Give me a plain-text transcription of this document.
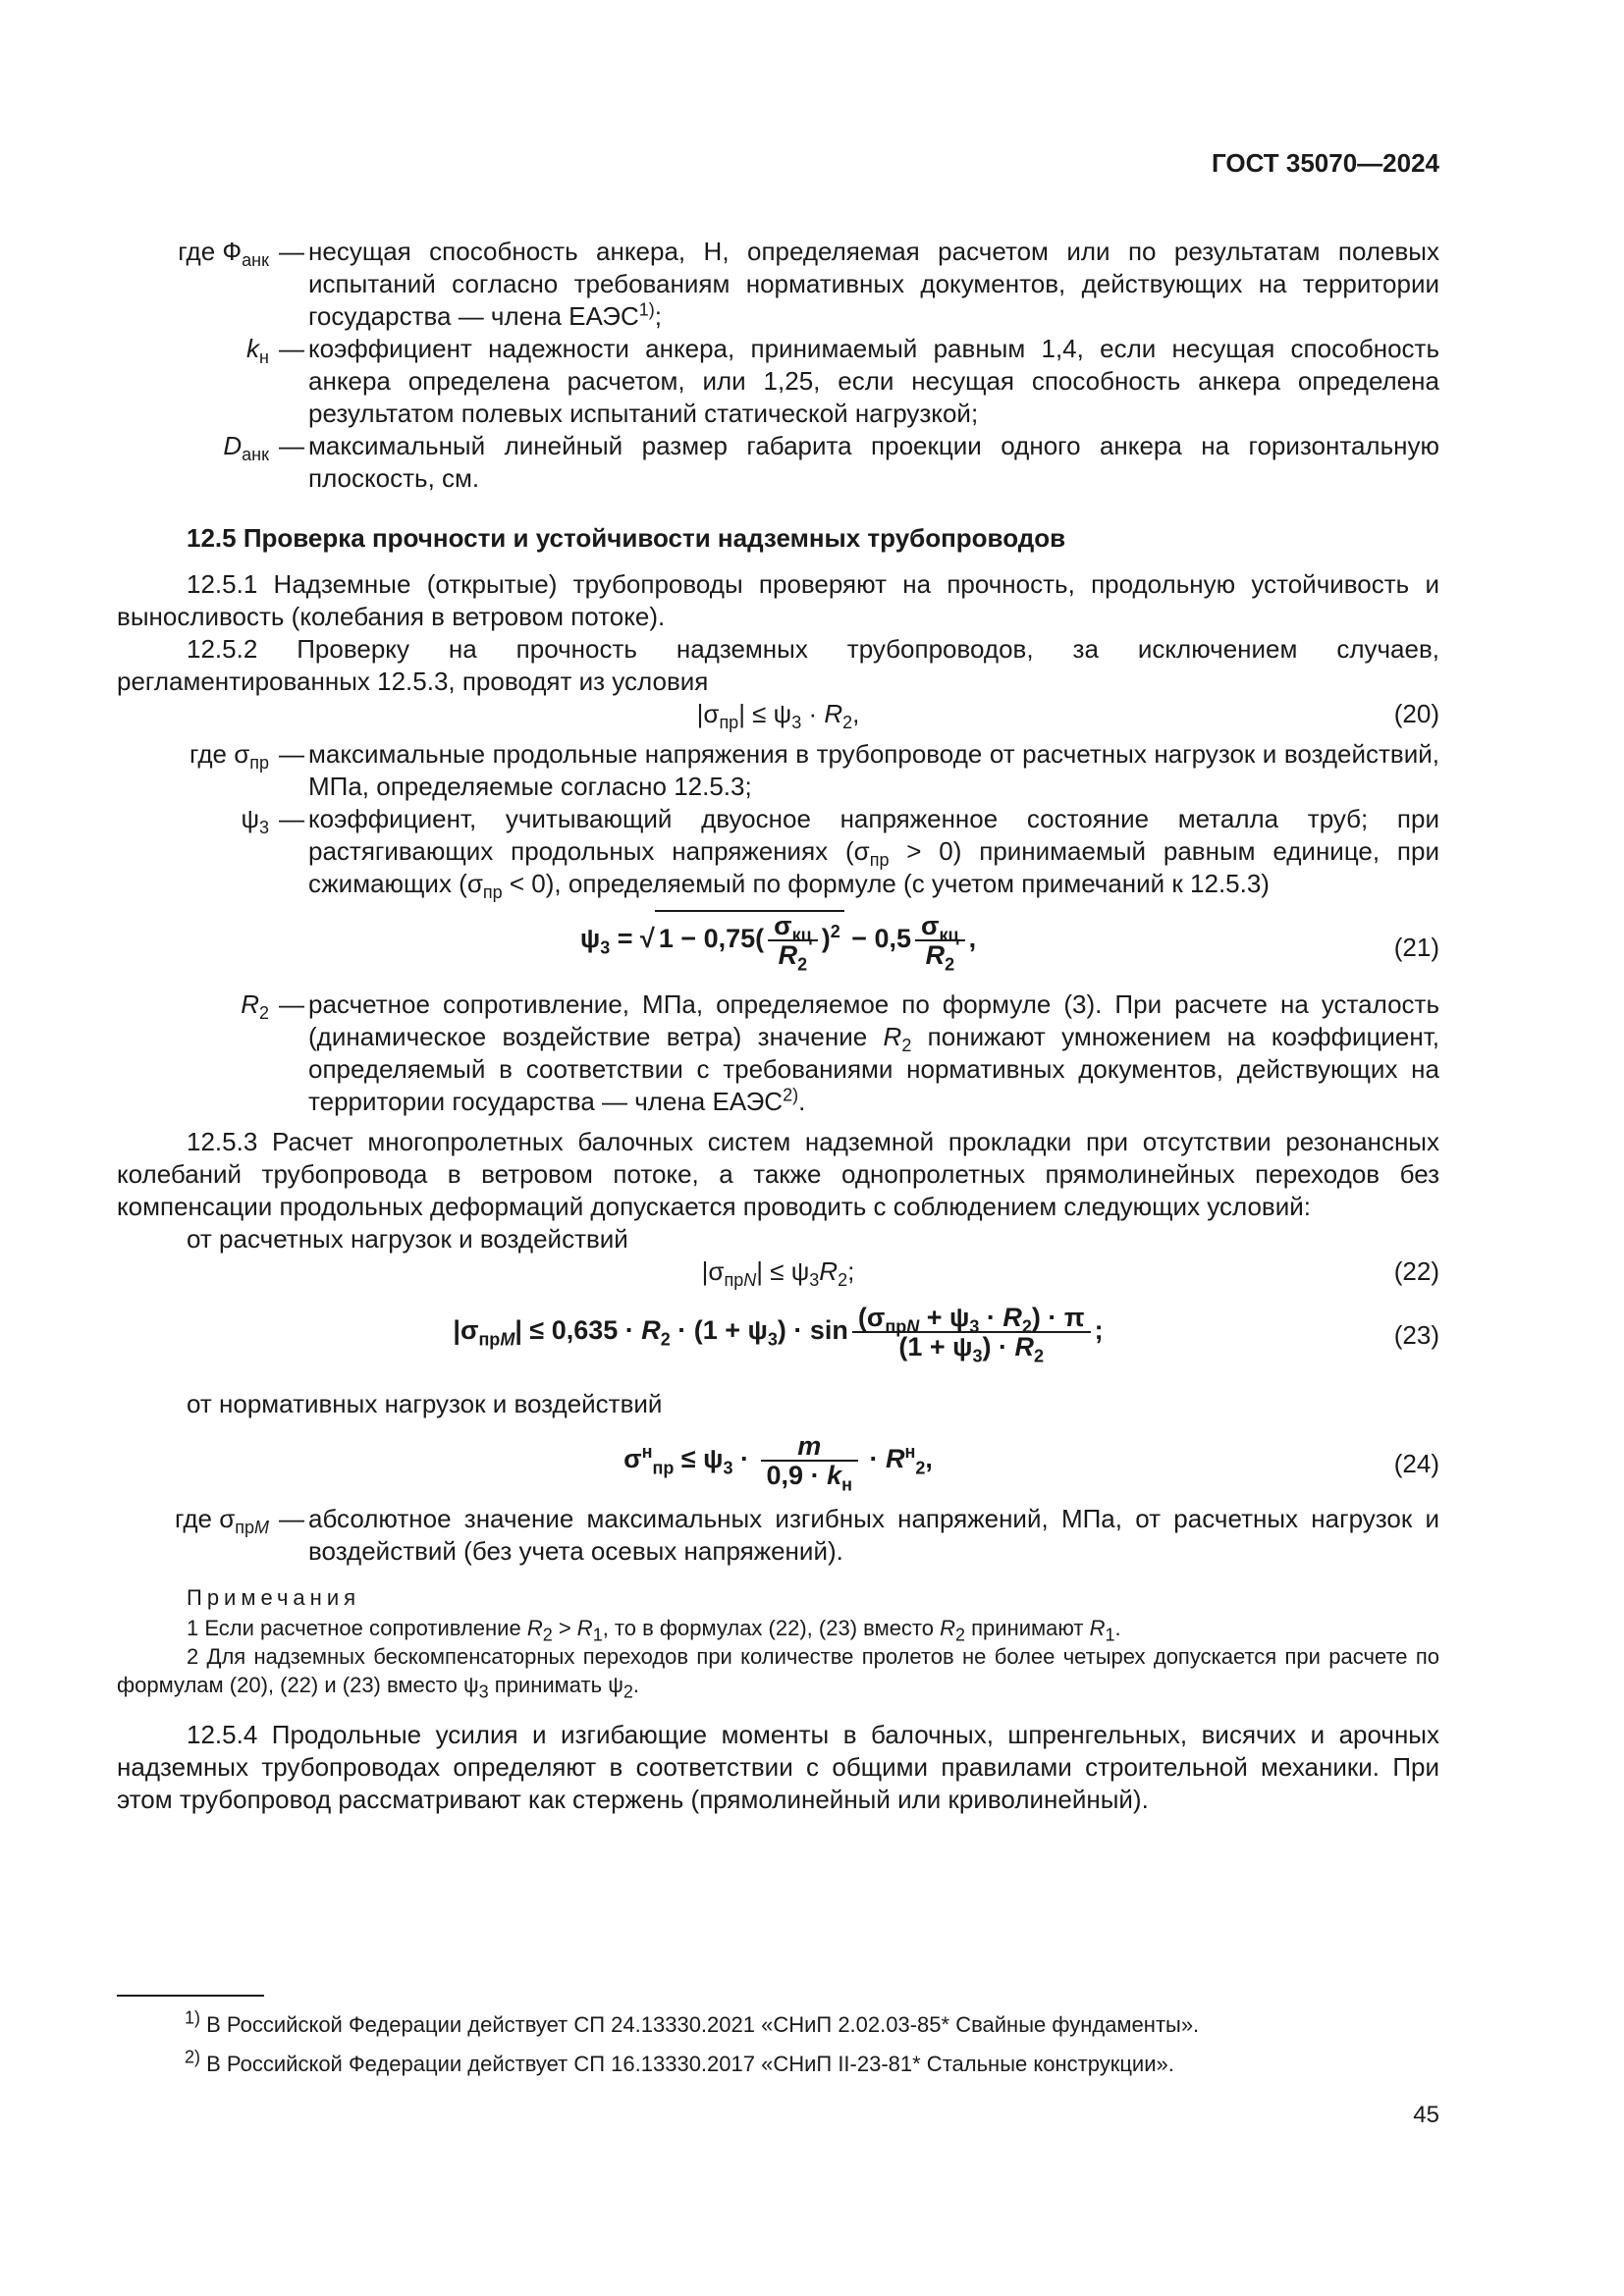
ГОСТ 35070—2024
где $Ф_{анк}$ — несущая способность анкера, Н, определяемая расчетом или по результатам полевых испытаний согласно требованиям нормативных документов, действующих на территории государства — члена ЕАЭС$^{1)}$;
$k_н$ — коэффициент надежности анкера, принимаемый равным 1,4, если несущая способность анкера определена расчетом, или 1,25, если несущая способность анкера определена результатом полевых испытаний статической нагрузкой;
$D_{анк}$ — максимальный линейный размер габарита проекции одного анкера на горизонтальную плоскость, см.

12.5 Проверка прочности и устойчивости надземных трубопроводов

12.5.1 Надземные (открытые) трубопроводы проверяют на прочность, продольную устойчивость и выносливость (колебания в ветровом потоке).

12.5.2 Проверку на прочность надземных трубопроводов, за исключением случаев, регламентированных 12.5.3, проводят из условия

$|\sigma_{пр}| \le \psi_3 \cdot R_2$,	(20)
где $\sigma_{пр}$ — максимальные продольные напряжения в трубопроводе от расчетных нагрузок и воздействий, МПа, определяемые согласно 12.5.3;
$\psi_3$ — коэффициент, учитывающий двуосное напряженное состояние металла труб; при растягивающих продольных напряжениях $(\sigma_{пр} > 0)$ принимаемый равным единице, при сжимающих $(\sigma_{пр} < 0)$, определяемый по формуле (с учетом примечаний к 12.5.3)
$\psi_3$ = √ $1 - 0,75( \frac{\sigma_{кц}}{R_2} )^2 - 0,5 \frac{\sigma_{кц}}{R_2}$ ,	(21)
$R_2$ — расчетное сопротивление, МПа, определяемое по формуле (3). При расчете на усталость (динамическое воздействие ветра) значение $R_2$ понижают умножением на коэффициент, определяемый в соответствии с требованиями нормативных документов, действующих на территории государства — члена ЕАЭС$^{2)}$.

12.5.3 Расчет многопролетных балочных систем надземной прокладки при отсутствии резонансных колебаний трубопровода в ветровом потоке, а также однопролетных прямолинейных переходов без компенсации продольных деформаций допускается проводить с соблюдением следующих условий:

от расчетных нагрузок и воздействий

$|\sigma_{прN}| \le \psi_3R_2$;	(22)
$|\sigma_{прM}| \le 0,635 \cdot R_2 \cdot (1 + \psi_3) \cdot \sin \frac{(\sigma_{прN} + \psi_3 \cdot R_2) \cdot \pi}{(1 + \psi_3) \cdot R_2}$ ;	(23)

от нормативных нагрузок и воздействий

$\sigma^н_{пр} \le \psi_3 \cdot \frac{m}{0,9 \cdot k_н} \cdot R^н_2$,	(24)
где $\sigma_{прM}$ — абсолютное значение максимальных изгибных напряжений, МПа, от расчетных нагрузок и воздействий (без учета осевых напряжений).
Примечания

1 Если расчетное сопротивление $R_2 > R_1$, то в формулах (22), (23) вместо $R_2$ принимают $R_1$.

2 Для надземных бескомпенсаторных переходов при количестве пролетов не более четырех допускается при расчете по формулам (20), (22) и (23) вместо $\psi_3$ принимать $\psi_2$.

12.5.4 Продольные усилия и изгибающие моменты в балочных, шпренгельных, висячих и арочных надземных трубопроводах определяют в соответствии с общими правилами строительной механики. При этом трубопровод рассматривают как стержень (прямолинейный или криволинейный).

$^{1)}$ В Российской Федерации действует СП 24.13330.2021 «СНиП 2.02.03-85* Свайные фундаменты».
$^{2)}$ В Российской Федерации действует СП 16.13330.2017 «СНиП II-23-81* Стальные конструкции».
45
